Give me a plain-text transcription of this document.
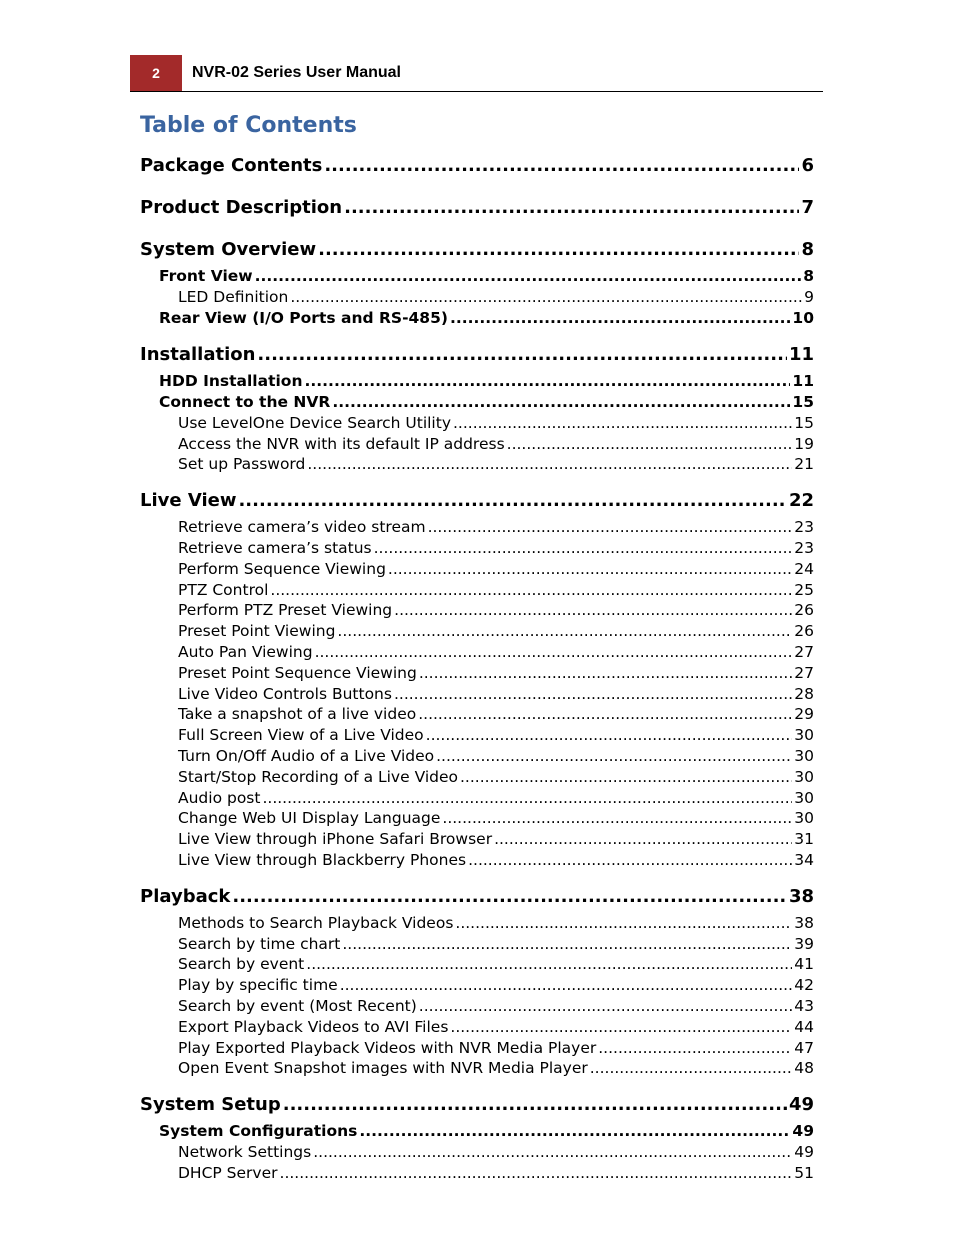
2	NVR-02 Series User Manual
Table of Contents
Package Contents .....	6
Product Description .....	7
System Overview .....	8
Front View .....	8
LED Definition .....	9
Rear View (I/O Ports and RS-485) .....	10
Installation .....	11
HDD Installation .....	11
Connect to the NVR .....	15
Use LevelOne Device Search Utility .....	15
Access the NVR with its default IP address .....	19
Set up Password .....	21
Live View .....	22
Retrieve camera’s video stream .....	23
Retrieve camera’s status .....	23
Perform Sequence Viewing .....	24
PTZ Control .....	25
Perform PTZ Preset Viewing .....	26
Preset Point Viewing .....	26
Auto Pan Viewing .....	27
Preset Point Sequence Viewing .....	27
Live Video Controls Buttons .....	28
Take a snapshot of a live video .....	29
Full Screen View of a Live Video .....	30
Turn On/Off Audio of a Live Video .....	30
Start/Stop Recording of a Live Video .....	30
Audio post .....	30
Change Web UI Display Language .....	30
Live View through iPhone Safari Browser .....	31
Live View through Blackberry Phones .....	34
Playback .....	38
Methods to Search Playback Videos .....	38
Search by time chart .....	39
Search by event .....	41
Play by specific time .....	42
Search by event (Most Recent) .....	43
Export Playback Videos to AVI Files .....	44
Play Exported Playback Videos with NVR Media Player .....	47
Open Event Snapshot images with NVR Media Player .....	48
System Setup .....	49
System Configurations .....	49
Network Settings .....	49
DHCP Server .....	51
